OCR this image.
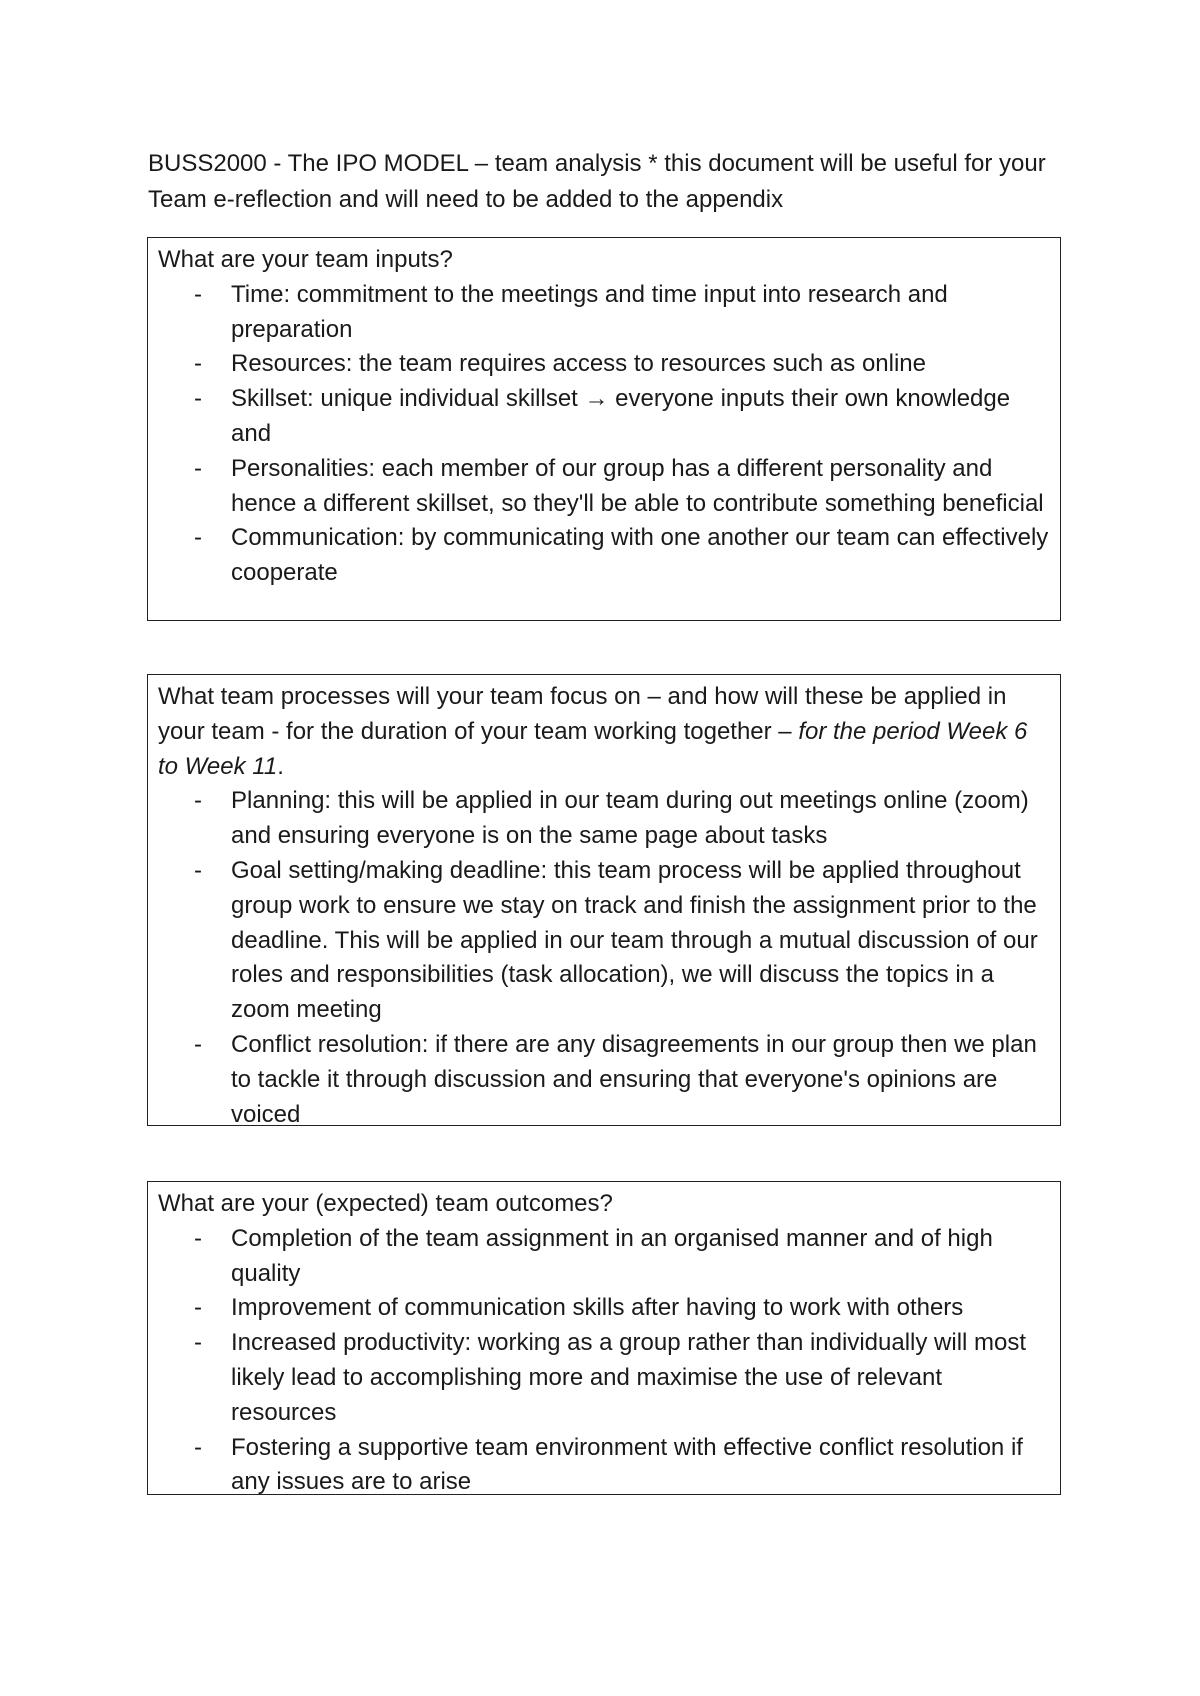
BUSS2000 - The IPO MODEL – team analysis * this document will be useful for your Team e-reflection and will need to be added to the appendix

What are your team inputs?

- Time: commitment to the meetings and time input into research and preparation
- Resources: the team requires access to resources such as online
- Skillset: unique individual skillset → everyone inputs their own knowledge and
- Personalities: each member of our group has a different personality and hence a different skillset, so they'll be able to contribute something beneficial
- Communication: by communicating with one another our team can effectively cooperate

What team processes will your team focus on – and how will these be applied in your team - for the duration of your team working together – for the period Week 6 to Week 11.

- Planning: this will be applied in our team during out meetings online (zoom) and ensuring everyone is on the same page about tasks
- Goal setting/making deadline: this team process will be applied throughout group work to ensure we stay on track and finish the assignment prior to the deadline. This will be applied in our team through a mutual discussion of our roles and responsibilities (task allocation), we will discuss the topics in a zoom meeting
- Conflict resolution: if there are any disagreements in our group then we plan to tackle it through discussion and ensuring that everyone's opinions are voiced

What are your (expected) team outcomes?

- Completion of the team assignment in an organised manner and of high quality
- Improvement of communication skills after having to work with others
- Increased productivity: working as a group rather than individually will most likely lead to accomplishing more and maximise the use of relevant resources
- Fostering a supportive team environment with effective conflict resolution if any issues are to arise
